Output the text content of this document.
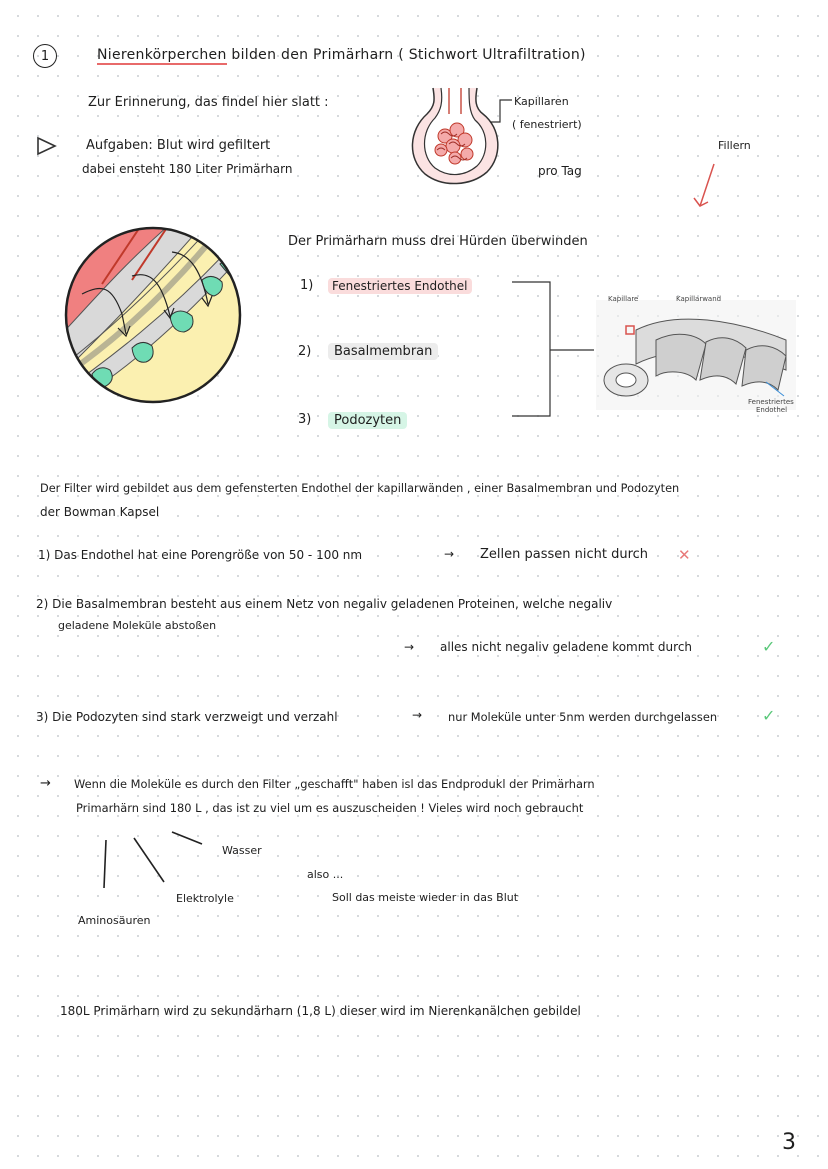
1	Nierenkörperchen bilden den Primärharn ( Stichwort Ultrafiltration)
Zur Erinnerung, das findel hier slatt :
Aufgaben: Blut wird gefiltert
dabei ensteht 180 Liter Primärharn
Kapillaren
( fenestriert)
pro Tag
Fillern
Der Primärharn muss drei Hürden überwinden
1)	Fenestriertes Endothel
2)	Basalmembran
3)	Podozyten
Kapillare	Kapillarwand
Fenestriertes
Endothel
Der Filter wird gebildet aus dem gefensterten Endothel der kapillarwänden , einer Basalmembran und Podozyten
der Bowman Kapsel
1) Das Endothel hat eine Porengröße von 50 - 100 nm	→ Zellen passen nicht durch ✕
2) Die Basalmembran besteht aus einem Netz von negaliv geladenen Proteinen, welche negaliv
geladene Moleküle abstoßen
→ alles nicht negaliv geladene kommt durch	✓
3) Die Podozyten sind stark verzweigt und verzahl	→ nur Moleküle unter 5nm werden durchgelassen	✓
→ Wenn die Moleküle es durch den Filter „geschafft" haben isl das Endprodukl der Primärharn
Primarhärn sind 180 L , das ist zu viel um es auszuscheiden ! Vieles wird noch gebraucht
Wasser
Elektrolyle
Aminosäuren
also ...
Soll das meiste wieder in das Blut
180L Primärharn wird zu sekundärharn (1,8 L) dieser wird im Nierenkanälchen gebildel
3
